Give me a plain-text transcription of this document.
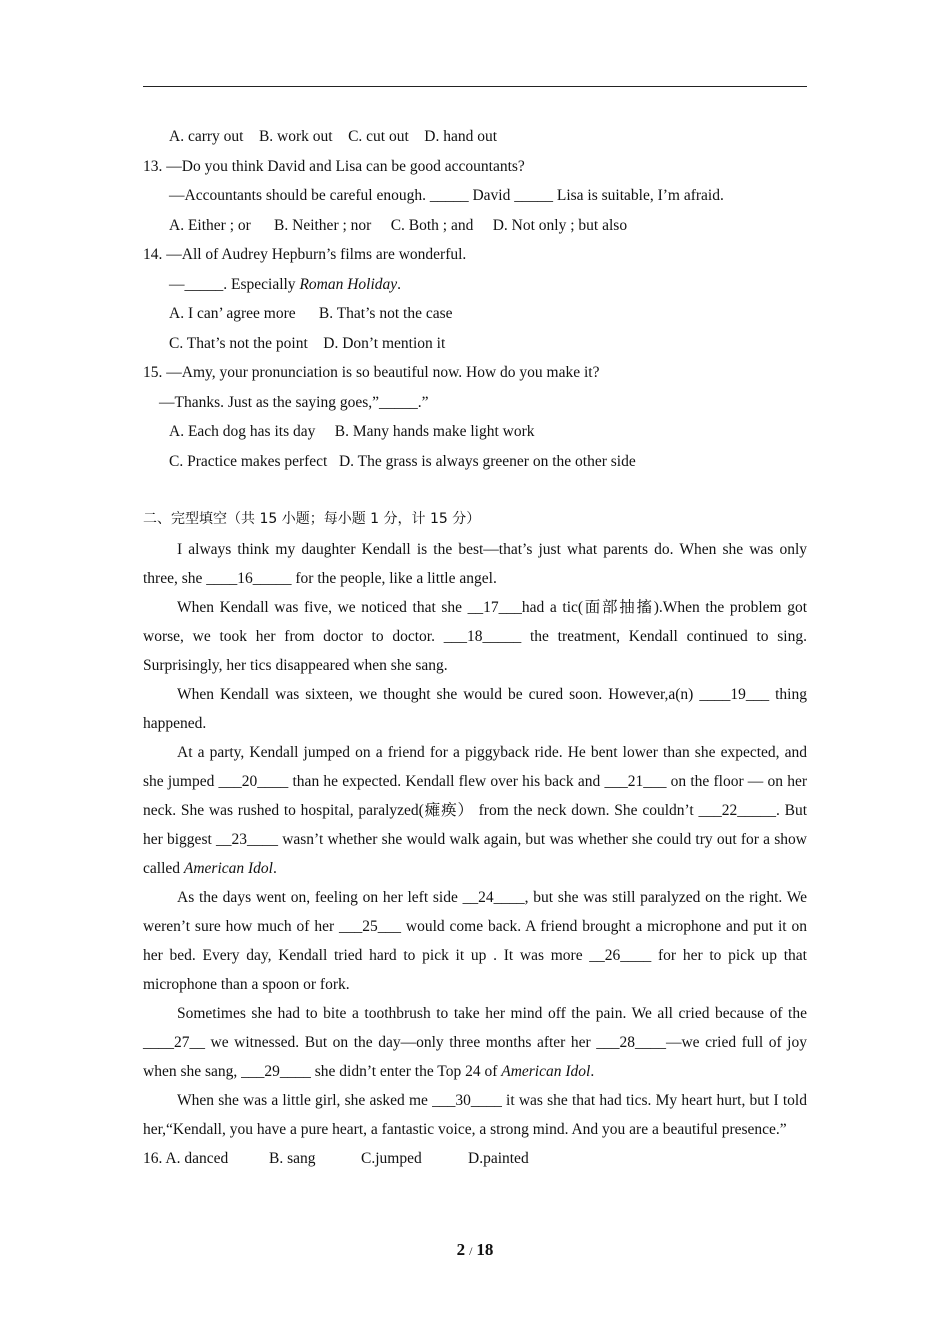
A. carry out    B. work out    C. cut out    D. hand out
13. —Do you think David and Lisa can be good accountants?
—Accountants should be careful enough. _____ David _____ Lisa is suitable, I’m afraid.
A. Either ; or      B. Neither ; nor     C. Both ; and     D. Not only ; but also
14. —All of Audrey Hepburn’s films are wonderful.
—_____. Especially Roman Holiday.
A. I can’ agree more      B. That’s not the case
C. That’s not the point    D. Don’t mention it
15. —Amy, your pronunciation is so beautiful now. How do you make it?
—Thanks. Just as the saying goes,”_____.”
A. Each dog has its day     B. Many hands make light work
C. Practice makes perfect   D. The grass is always greener on the other side
二、完型填空（共 15 小题；每小题 1 分，计 15 分）

I always think my daughter Kendall is the best—that’s just what parents do. When she was only three, she ____16_____ for the people, like a little angel.

When Kendall was five, we noticed that she __17___had a tic(面部抽搐).When the problem got worse, we took her from doctor to doctor. ___18_____ the treatment, Kendall continued to sing. Surprisingly, her tics disappeared when she sang.

When Kendall was sixteen, we thought she would be cured soon. However,a(n) ____19___ thing happened.

At a party, Kendall jumped on a friend for a piggyback ride. He bent lower than she expected, and she jumped ___20____ than he expected. Kendall flew over his back and ___21___ on the floor — on her neck. She was rushed to hospital, paralyzed(瘫痪） from the neck down. She couldn’t ___22_____. But her biggest __23____ wasn’t whether she would walk again, but was whether she could try out for a show called American Idol.

As the days went on, feeling on her left side __24____, but she was still paralyzed on the right. We weren’t sure how much of her ___25___ would come back. A friend brought a microphone and put it on her bed. Every day, Kendall tried hard to pick it up . It was more __26____ for her to pick up that microphone than a spoon or fork.

Sometimes she had to bite a toothbrush to take her mind off the pain. We all cried because of the ____27__ we witnessed. But on the day—only three months after her ___28____—we cried full of joy when she sang, ___29____ she didn’t enter the Top 24 of American Idol.

When she was a little girl, she asked me ___30____ it was she that had tics. My heart hurt, but I told her,“Kendall, you have a pure heart, a fantastic voice, a strong mind. And you are a beautiful presence.”

16. A. danced	B. sang	C.jumped	D.painted
2 / 18
